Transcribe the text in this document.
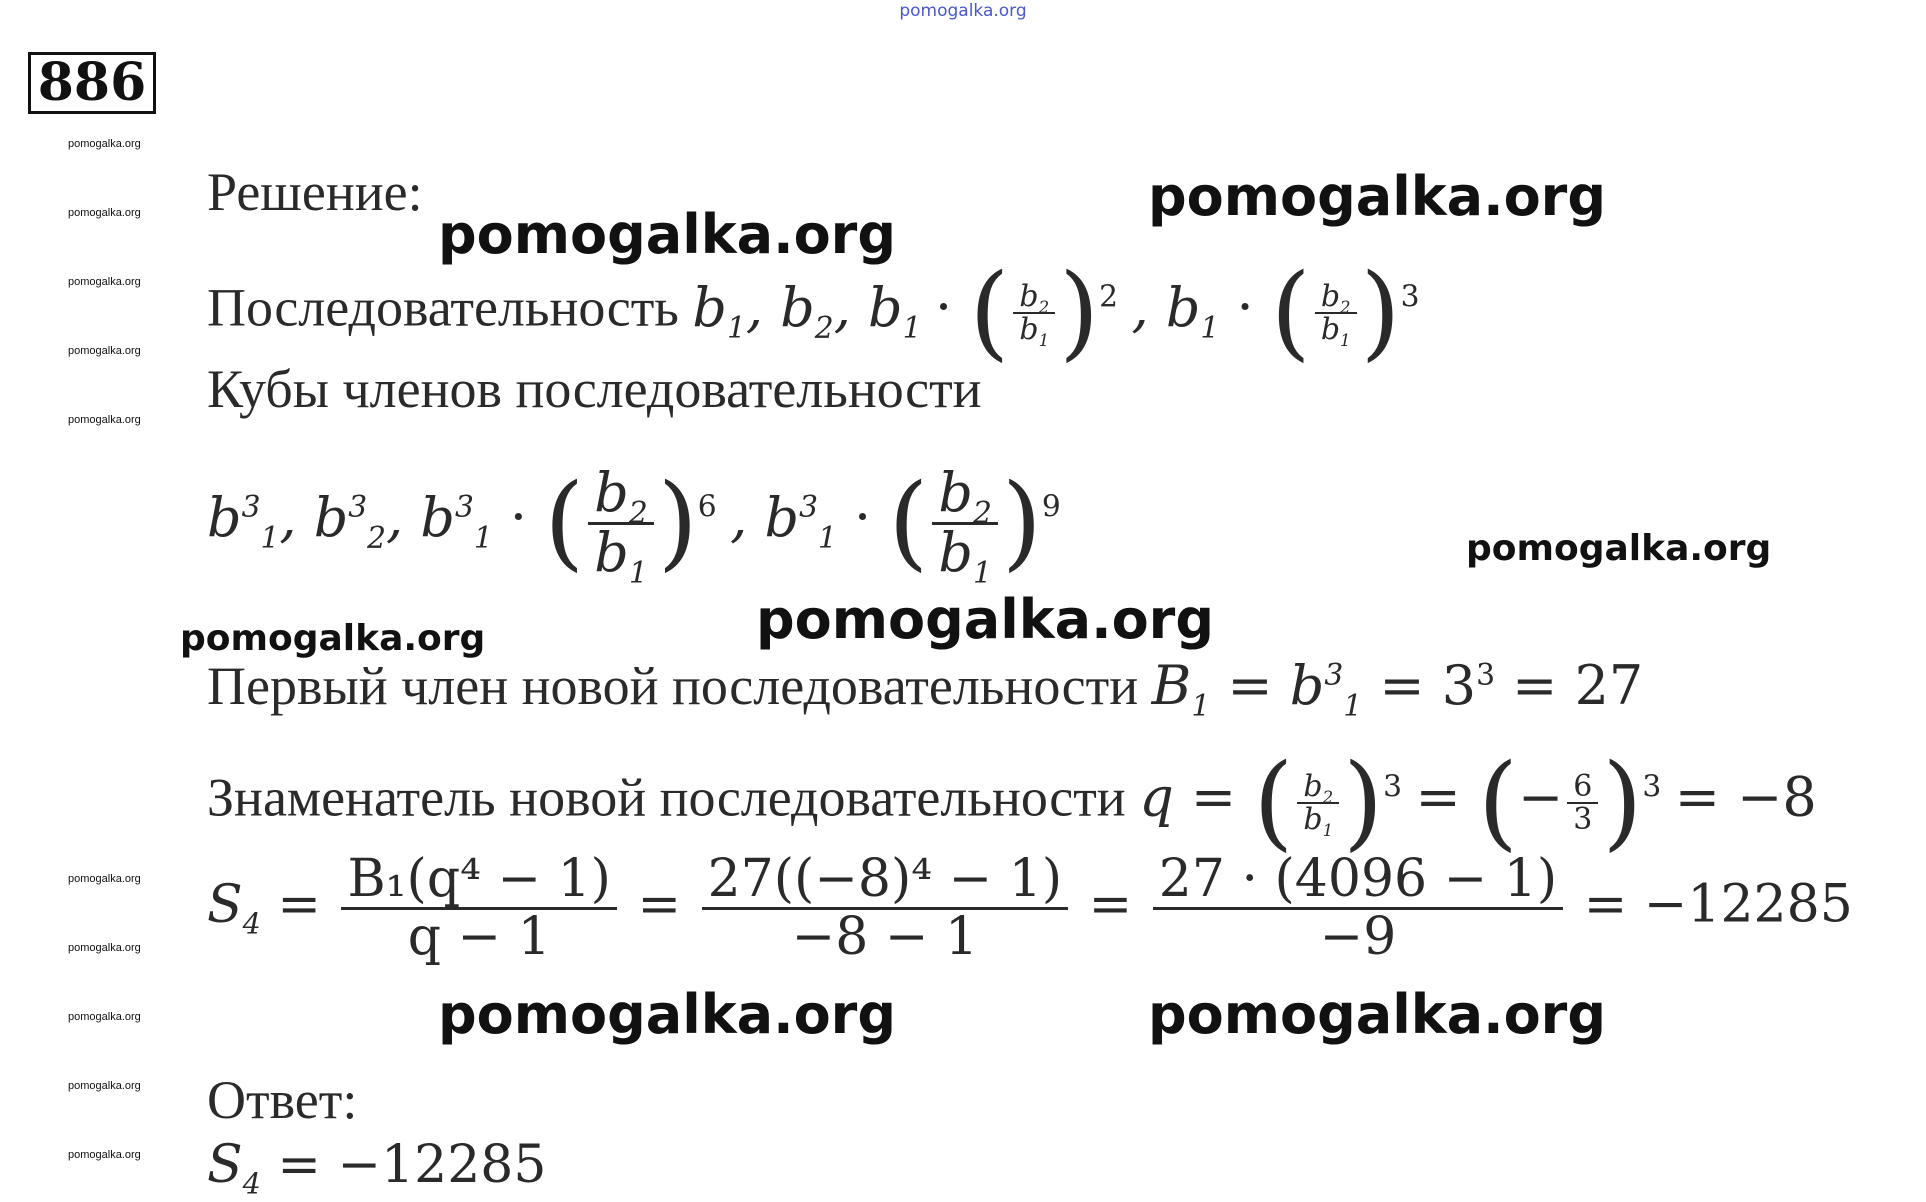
pomogalka.org
886
pomogalka.org
pomogalka.org
pomogalka.org
pomogalka.org
pomogalka.org
pomogalka.org
pomogalka.org
pomogalka.org
pomogalka.org
pomogalka.org
pomogalka.org
pomogalka.org
pomogalka.org
pomogalka.org
pomogalka.org
pomogalka.org	pomogalka.org
Решение:
Последовательность $b_1$, $b_2$, $b_1$ · ( $\frac{b_2}{b_1} )^2$ , $b_1$ · ( $\frac{b_2}{b_1} )^3$
Кубы членов последовательности
$b^3_1$, $b^3_2$, $b^3_1$ · ( $\frac{b_2}{b_1} )^6$ , $b^3_1$ · ( $\frac{b_2}{b_1} )^9$
Первый член новой последовательности $B_1 = b^3_1 = 3^3 = 27$
Знаменатель новой последовательности q = ( $\frac{b_2}{b_1} )^3$ = (− $\frac{6}{3} )^3 = -8$
$S_4 = \frac{\text{B₁(q⁴ − 1)}}{q - 1} = \frac{\text{27((−8)⁴ − 1)}}{-8 - 1} = \frac{27 \cdot (4096 - 1)}{-9} = -12285$
Ответ:
$S_4 = -12285$
